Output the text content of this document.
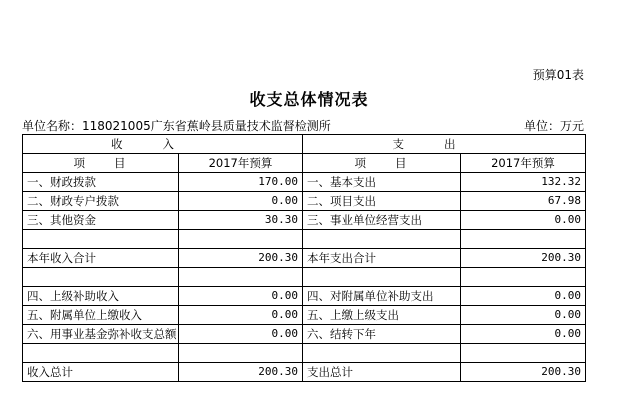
预算01表
收支总体情况表
单位名称：118021005广东省蕉岭县质量技术监督检测所	单位：万元
收入		支出	
项　　目	2017年预算	项　　目	2017年预算
一、财政拨款	170.00	一、基本支出	132.32
二、财政专户拨款	0.00	二、项目支出	67.98
三、其他资金	30.30	三、事业单位经营支出	0.00

本年收入合计	200.30	本年支出合计	200.30

四、上级补助收入	0.00	四、对附属单位补助支出	0.00
五、附属单位上缴收入	0.00	五、上缴上级支出	0.00
六、用事业基金弥补收支总额	0.00	六、结转下年	0.00

收入总计	200.30	支出总计	200.30
